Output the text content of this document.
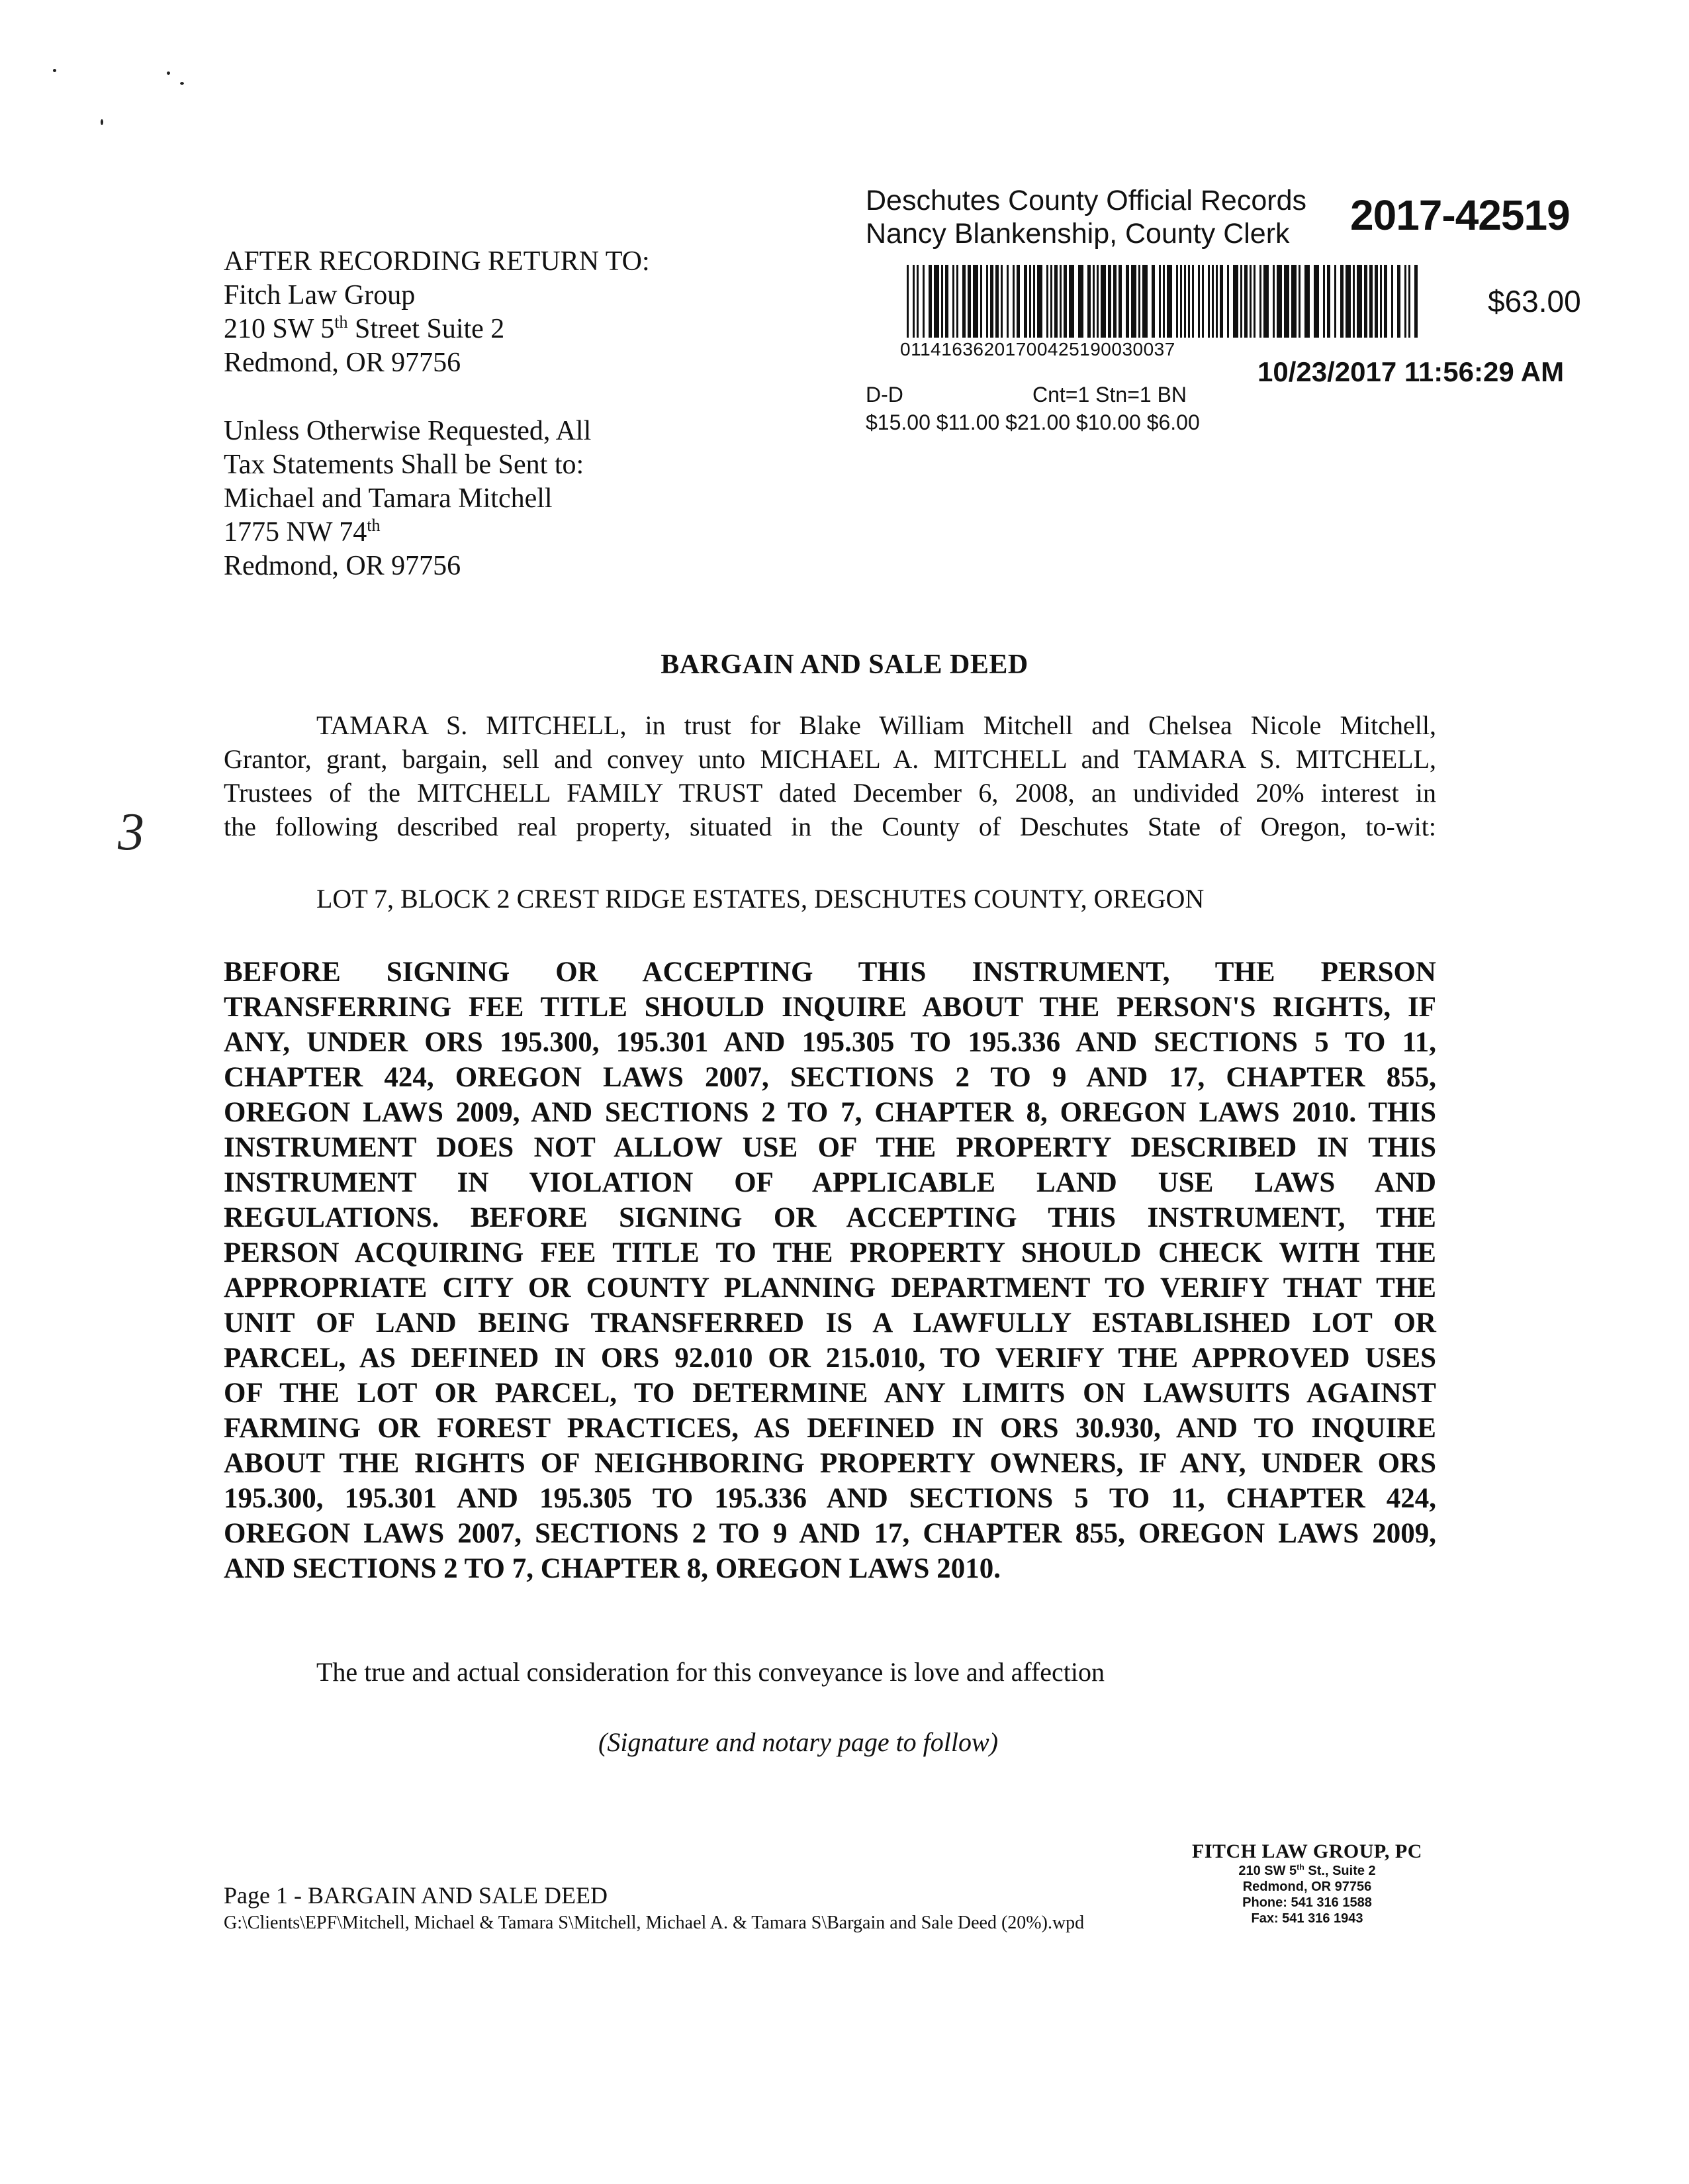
Deschutes County Official Records
Nancy Blankenship, County Clerk	2017-42519
01141636201700425190030037
$63.00
10/23/2017 11:56:29 AM
D-D	Cnt=1 Stn=1 BN
$15.00 $11.00 $21.00 $10.00 $6.00
AFTER RECORDING RETURN TO:
Fitch Law Group
210 SW 5th Street Suite 2
Redmond, OR 97756
Unless Otherwise Requested, All
Tax Statements Shall be Sent to:
Michael and Tamara Mitchell
1775 NW 74th
Redmond, OR 97756
BARGAIN AND SALE DEED
3
TAMARA S. MITCHELL, in trust for Blake William Mitchell and Chelsea Nicole Mitchell,
Grantor, grant, bargain, sell and convey unto MICHAEL A. MITCHELL and TAMARA S. MITCHELL,
Trustees of the MITCHELL FAMILY TRUST dated December 6, 2008, an undivided 20% interest in
the following described real property, situated in the County of Deschutes State of Oregon, to-wit:
LOT 7, BLOCK 2 CREST RIDGE ESTATES, DESCHUTES COUNTY, OREGON
BEFORE SIGNING OR ACCEPTING THIS INSTRUMENT, THE PERSON
TRANSFERRING FEE TITLE SHOULD INQUIRE ABOUT THE PERSON'S RIGHTS, IF
ANY, UNDER ORS 195.300, 195.301 AND 195.305 TO 195.336 AND SECTIONS 5 TO 11,
CHAPTER 424, OREGON LAWS 2007, SECTIONS 2 TO 9 AND 17, CHAPTER 855,
OREGON LAWS 2009, AND SECTIONS 2 TO 7, CHAPTER 8, OREGON LAWS 2010. THIS
INSTRUMENT DOES NOT ALLOW USE OF THE PROPERTY DESCRIBED IN THIS
INSTRUMENT IN VIOLATION OF APPLICABLE LAND USE LAWS AND
REGULATIONS. BEFORE SIGNING OR ACCEPTING THIS INSTRUMENT, THE
PERSON ACQUIRING FEE TITLE TO THE PROPERTY SHOULD CHECK WITH THE
APPROPRIATE CITY OR COUNTY PLANNING DEPARTMENT TO VERIFY THAT THE
UNIT OF LAND BEING TRANSFERRED IS A LAWFULLY ESTABLISHED LOT OR
PARCEL, AS DEFINED IN ORS 92.010 OR 215.010, TO VERIFY THE APPROVED USES
OF THE LOT OR PARCEL, TO DETERMINE ANY LIMITS ON LAWSUITS AGAINST
FARMING OR FOREST PRACTICES, AS DEFINED IN ORS 30.930, AND TO INQUIRE
ABOUT THE RIGHTS OF NEIGHBORING PROPERTY OWNERS, IF ANY, UNDER ORS
195.300, 195.301 AND 195.305 TO 195.336 AND SECTIONS 5 TO 11, CHAPTER 424,
OREGON LAWS 2007, SECTIONS 2 TO 9 AND 17, CHAPTER 855, OREGON LAWS 2009,
AND SECTIONS 2 TO 7, CHAPTER 8, OREGON LAWS 2010.
The true and actual consideration for this conveyance is love and affection
(Signature and notary page to follow)
Page 1 - BARGAIN AND SALE DEED
G:\Clients\EPF\Mitchell, Michael & Tamara S\Mitchell, Michael A. & Tamara S\Bargain and Sale Deed (20%).wpd
FITCH LAW GROUP, PC
210 SW 5th St., Suite 2
Redmond, OR 97756
Phone: 541 316 1588
Fax: 541 316 1943
